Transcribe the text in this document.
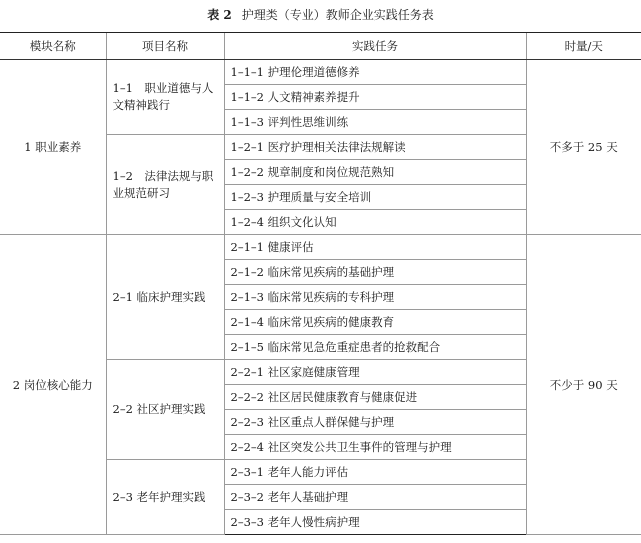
表 2 护理类（专业）教师企业实践任务表
模块名称	项目名称	实践任务	时量/天
1 职业素养	1–1　职业道德与人文精神践行	1–1–1 护理伦理道德修养	不多于 25 天
		1–1–2 人文精神素养提升	
		1–1–3 评判性思维训练	
	1–2　法律法规与职业规范研习	1–2–1 医疗护理相关法律法规解读	
		1–2–2 规章制度和岗位规范熟知	
		1–2–3 护理质量与安全培训	
		1–2–4 组织文化认知	
2 岗位核心能力	2–1 临床护理实践	2–1–1 健康评估	不少于 90 天
		2–1–2 临床常见疾病的基础护理	
		2–1–3 临床常见疾病的专科护理	
		2–1–4 临床常见疾病的健康教育	
		2–1–5 临床常见急危重症患者的抢救配合	
	2–2 社区护理实践	2–2–1 社区家庭健康管理	
		2–2–2 社区居民健康教育与健康促进	
		2–2–3 社区重点人群保健与护理	
		2–2–4 社区突发公共卫生事件的管理与护理	
	2–3 老年护理实践	2–3–1 老年人能力评估	
		2–3–2 老年人基础护理	
		2–3–3 老年人慢性病护理	
